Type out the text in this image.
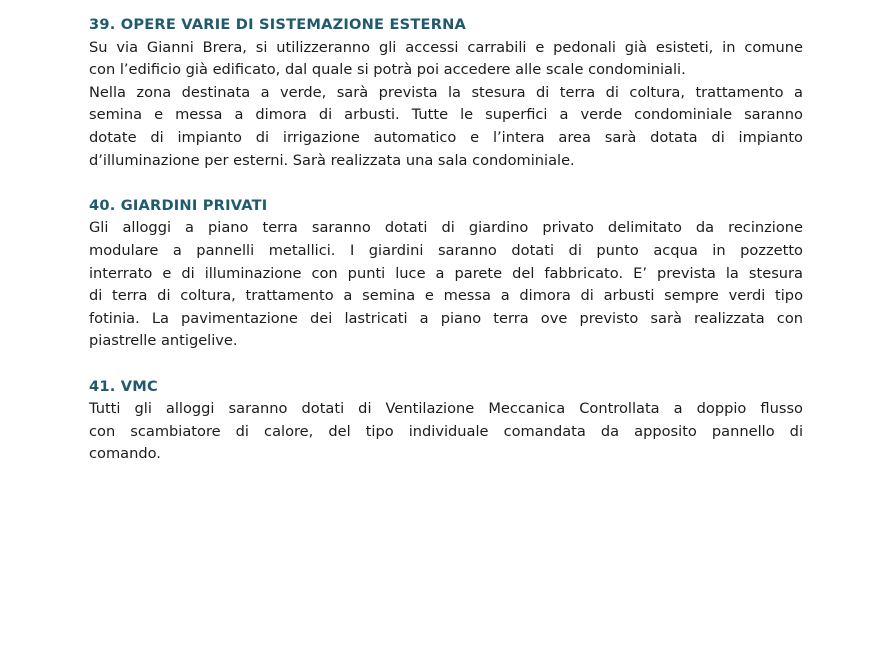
39. OPERE VARIE DI SISTEMAZIONE ESTERNA

Su via Gianni Brera, si utilizzeranno gli accessi carrabili e pedonali già esisteti, in comune
con l’edificio già edificato, dal quale si potrà poi accedere alle scale condominiali.
Nella zona destinata a verde, sarà prevista la stesura di terra di coltura, trattamento a
semina e messa a dimora di arbusti. Tutte le superfici a verde condominiale saranno
dotate di impianto di irrigazione automatico e l’intera area sarà dotata di impianto
d’illuminazione per esterni. Sarà realizzata una sala condominiale.

40. GIARDINI PRIVATI

Gli alloggi a piano terra saranno dotati di giardino privato delimitato da recinzione
modulare a pannelli metallici. I giardini saranno dotati di punto acqua in pozzetto
interrato e di illuminazione con punti luce a parete del fabbricato. E’ prevista la stesura
di terra di coltura, trattamento a semina e messa a dimora di arbusti sempre verdi tipo
fotinia. La pavimentazione dei lastricati a piano terra ove previsto sarà realizzata con
piastrelle antigelive.

41. VMC

Tutti gli alloggi saranno dotati di Ventilazione Meccanica Controllata a doppio flusso
con scambiatore di calore, del tipo individuale comandata da apposito pannello di
comando.
